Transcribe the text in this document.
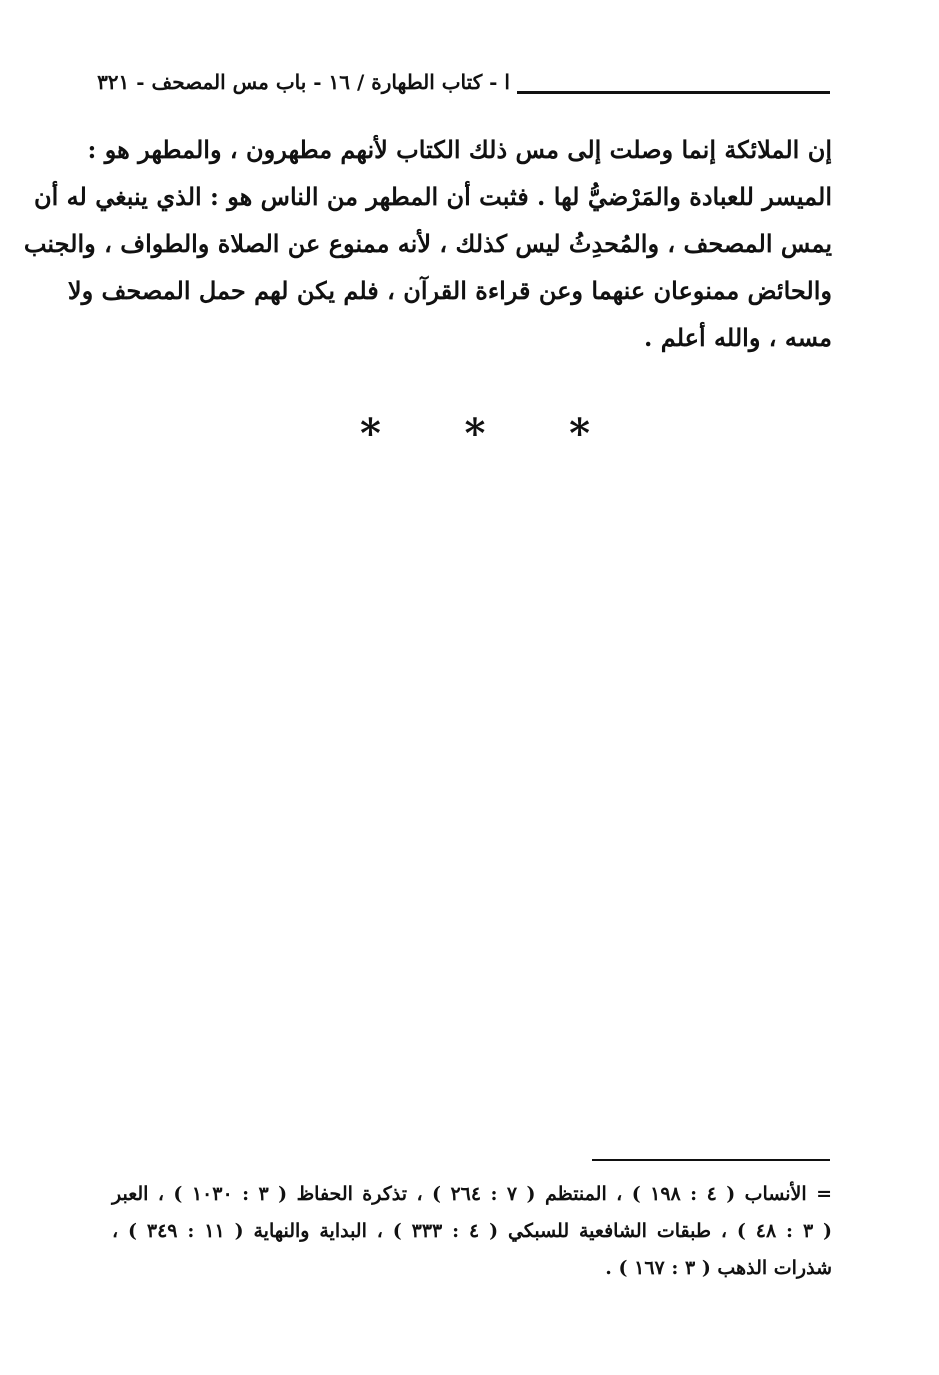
ا - كتاب الطهارة / ١٦ - باب مس المصحف - ٣٢١
إن الملائكة إنما وصلت إلى مس ذلك الكتاب لأنهم مطهرون ، والمطهر هو :
الميسر للعبادة والمَرْضيُّ لها . فثبت أن المطهر من الناس هو : الذي ينبغي له أن
يمس المصحف ، والمُحدِثُ ليس كذلك ، لأنه ممنوع عن الصلاة والطواف ، والجنب
والحائض ممنوعان عنهما وعن قراءة القرآن ، فلم يكن لهم حمل المصحف ولا
مسه ، والله أعلم .
* * *
= الأنساب ( ٤ : ١٩٨ ) ، المنتظم ( ٧ : ٢٦٤ ) ، تذكرة الحفاظ ( ٣ : ١٠٣٠ ) ، العبر
( ٣ : ٤٨ ) ، طبقات الشافعية للسبكي ( ٤ : ٣٣٣ ) ، البداية والنهاية ( ١١ : ٣٤٩ ) ،
شذرات الذهب ( ٣ : ١٦٧ ) .
